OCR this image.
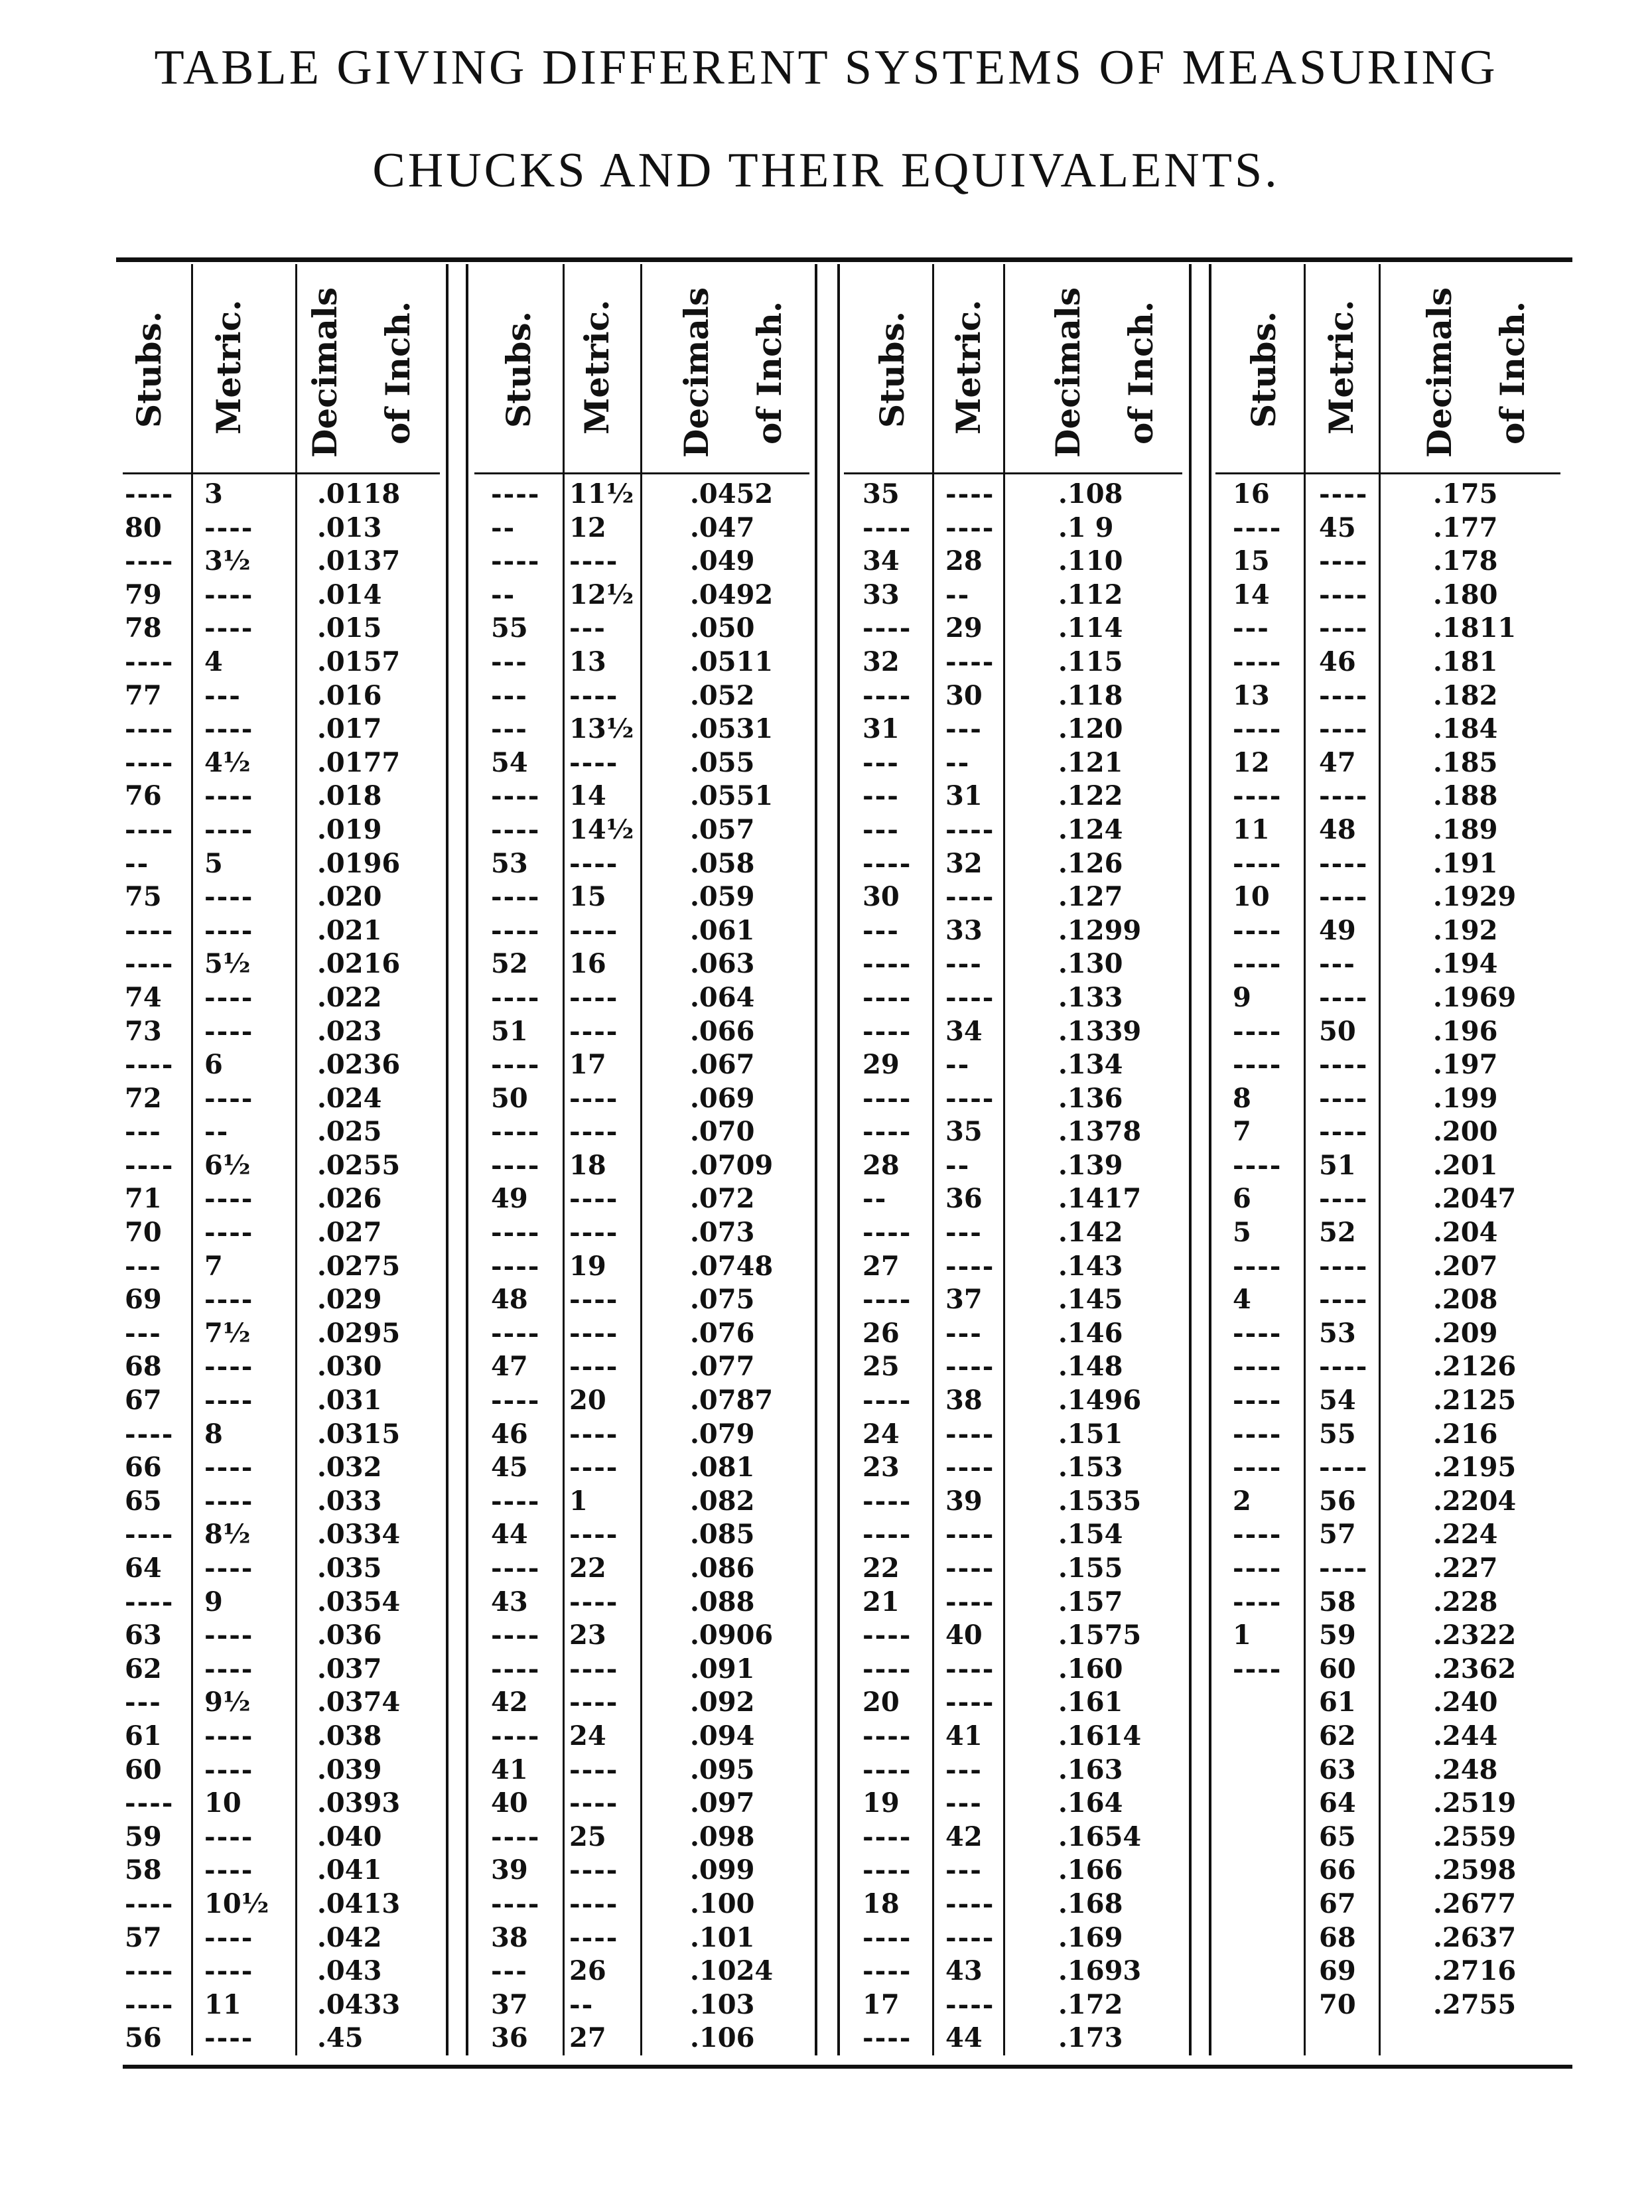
TABLE GIVING DIFFERENT SYSTEMS OF MEASURING
CHUCKS AND THEIR EQUIVALENTS.
Stubs. Metric. Decimals of Inch. Stubs. Metric. Decimals of Inch.	Stubs. Metric. Decimals of Inch.	Stubs. Metric. Decimals of Inch.
----
80
----
79
78
----
77
----
----
76
----
--
75
----
----
74
73
----
72
---
----
71
70
---
69
---
68
67
----
66
65
----
64
----
63
62
---
61
60
----
59
58
----
57
----
----
56
3
----
3½
----
----
4
---
----
4½
----
----
5
----
----
5½
----
----
6
----
--
6½
----
----
7
----
7½
----
----
8
----
----
8½
----
9
----
----
9½
----
----
10
----
----
10½
----
----
11
----
.0118
.013
.0137
.014
.015
.0157
.016
.017
.0177
.018
.019
.0196
.020
.021
.0216
.022
.023
.0236
.024
.025
.0255
.026
.027
.0275
.029
.0295
.030
.031
.0315
.032
.033
.0334
.035
.0354
.036
.037
.0374
.038
.039
.0393
.040
.041
.0413
.042
.043
.0433
.45
----
--
----
--
55
---
---
---
54
----
----
53
----
----
52
----
51
----
50
----
----
49
----
----
48
----
47
----
46
45
----
44
----
43
----
----
42
----
41
40
----
39
----
38
---
37
36
11½
12
----
12½
---
13
----
13½
----
14
14½
----
15
----
16
----
----
17
----
----
18
----
----
19
----
----
----
20
----
----
1
----
22
----
23
----
----
24
----
----
25
----
----
----
26
--
27
.0452
.047
.049
.0492
.050
.0511
.052
.0531
.055
.0551
.057
.058
.059
.061
.063
.064
.066
.067
.069
.070
.0709
.072
.073
.0748
.075
.076
.077
.0787
.079
.081
.082
.085
.086
.088
.0906
.091
.092
.094
.095
.097
.098
.099
.100
.101
.1024
.103
.106
35
----
34
33
----
32
----
31
---
---
---
----
30
---
----
----
----
29
----
----
28
--
----
27
----
26
25
----
24
23
----
----
22
21
----
----
20
----
----
19
----
----
18
----
----
17
----
----
----
28
--
29
----
30
---
--
31
----
32
----
33
---
----
34
--
----
35
--
36
---
----
37
---
----
38
----
----
39
----
----
----
40
----
----
41
---
---
42
---
----
----
43
----
44
.108
.1 9
.110
.112
.114
.115
.118
.120
.121
.122
.124
.126
.127
.1299
.130
.133
.1339
.134
.136
.1378
.139
.1417
.142
.143
.145
.146
.148
.1496
.151
.153
.1535
.154
.155
.157
.1575
.160
.161
.1614
.163
.164
.1654
.166
.168
.169
.1693
.172
.173
16
----
15
14
---
----
13
----
12
----
11
----
10
----
----
9
----
----
8
7
----
6
5
----
4
----
----
----
----
----
2
----
----
----
1
----
----
45
----
----
----
46
----
----
47
----
48
----
----
49
---
----
50
----
----
----
51
----
52
----
----
53
----
54
55
----
56
57
----
58
59
60
61
62
63
64
65
66
67
68
69
70
.175
.177
.178
.180
.1811
.181
.182
.184
.185
.188
.189
.191
.1929
.192
.194
.1969
.196
.197
.199
.200
.201
.2047
.204
.207
.208
.209
.2126
.2125
.216
.2195
.2204
.224
.227
.228
.2322
.2362
.240
.244
.248
.2519
.2559
.2598
.2677
.2637
.2716
.2755
